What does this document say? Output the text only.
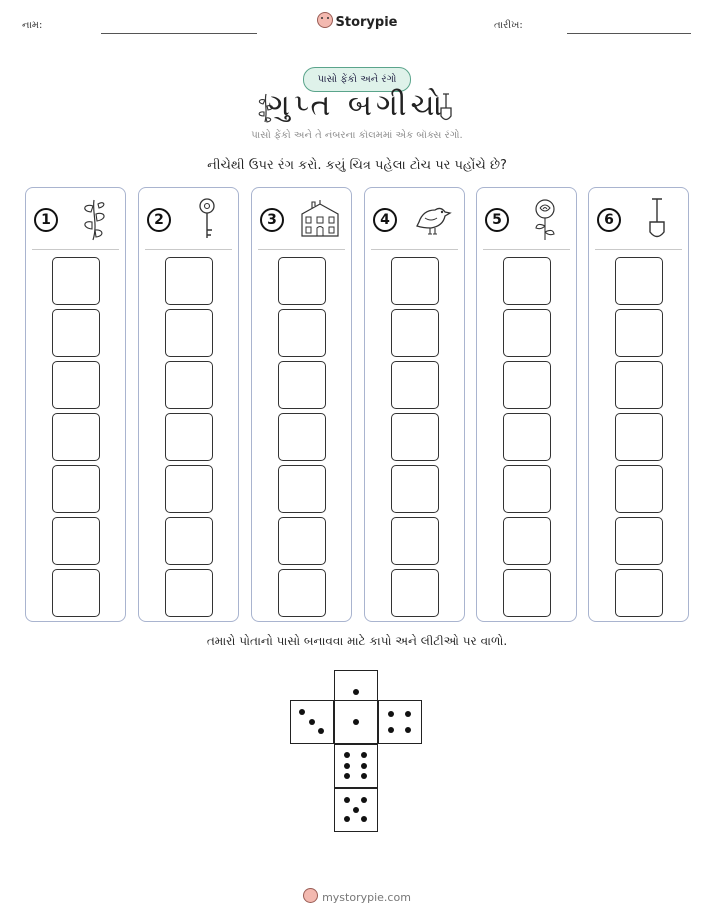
નામ:	Storypie	તારીખ:
પાસો ફેંકો અને રંગો
ગુપ્ત બગીચો
પાસો ફેંકો અને તે નંબરના કૉલમમાં એક બૉક્સ રંગો.
નીચેથી ઉપર રંગ કરો. કયું ચિત્ર પહેલા ટોચ પર પહોંચે છે?
1	2	3	4	5	6
તમારો પોતાનો પાસો બનાવવા માટે કાપો અને લીટીઓ પર વાળો.
mystorypie.com
